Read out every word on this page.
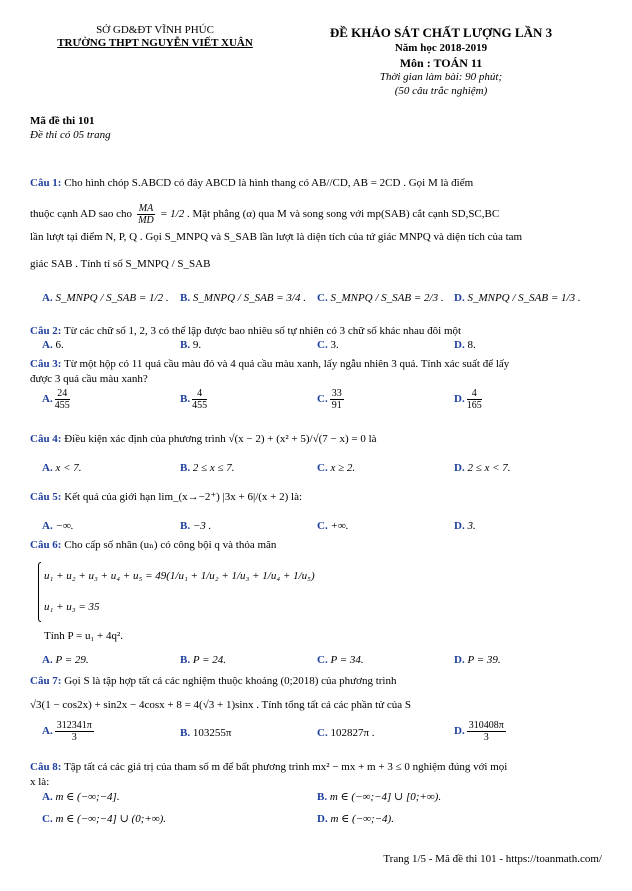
SỞ GD&ĐT VĨNH PHÚC
TRƯỜNG THPT NGUYỄN VIẾT XUÂN
ĐỀ KHẢO SÁT CHẤT LƯỢNG LẦN 3
Năm học 2018-2019
Môn : TOÁN 11
Thời gian làm bài: 90 phút;
(50 câu trắc nghiệm)
Mã đề thi 101
Đề thi có 05 trang
Câu 1: Cho hình chóp S.ABCD có đáy ABCD là hình thang có AB//CD, AB = 2CD . Gọi M là điểm
thuộc cạnh AD sao cho $\frac{MA}{MD} = 1/2$ . Mặt phẳng (α) qua M và song song với mp(SAB) cắt cạnh SD,SC,BC
lần lượt tại điểm N, P, Q . Gọi S_MNPQ và S_SAB lần lượt là diện tích của tứ giác MNPQ và diện tích của tam
giác SAB . Tính tỉ số S_MNPQ / S_SAB
A. S_MNPQ / S_SAB = 1/2 . B. S_MNPQ / S_SAB = 3/4 . C. S_MNPQ / S_SAB = 2/3 . D. S_MNPQ / S_SAB = 1/3 .
Câu 2: Từ các chữ số 1, 2, 3 có thể lập được bao nhiêu số tự nhiên có 3 chữ số khác nhau đôi một
A. 6.	B. 9.	C. 3.	D. 8.
Câu 3: Từ một hộp có 11 quả cầu màu đỏ và 4 quả cầu màu xanh, lấy ngẫu nhiên 3 quả. Tính xác suất để lấy
được 3 quả cầu màu xanh?
A. $\frac{24}{455}$	B. $\frac{4}{455}$	C. $\frac{33}{91}$	D. $\frac{4}{165}$
Câu 4: Điều kiện xác định của phương trình √(x − 2) + (x² + 5)/√(7 − x) = 0 là
A. x < 7.	B. 2 ≤ x ≤ 7.	C. x ≥ 2.	D. 2 ≤ x < 7.
Câu 5: Kết quả của giới hạn lim_(x→−2⁺) |3x + 6|/(x + 2) là:
A. −∞.	B. −3 .	C. +∞.	D. 3.
Câu 6: Cho cấp số nhân (uₙ) có công bội q và thỏa mãn
u₁ + u₂ + u₃ + u₄ + u₅ = 49(1/u₁ + 1/u₂ + 1/u₃ + 1/u₄ + 1/u₅)
u₁ + u₃ = 35
Tính P = u₁ + 4q².
A. P = 29.	B. P = 24.	C. P = 34.	D. P = 39.
Câu 7: Gọi S là tập hợp tất cả các nghiệm thuộc khoảng (0;2018) của phương trình
√3(1 − cos2x) + sin2x − 4cosx + 8 = 4(√3 + 1)sinx . Tính tổng tất cả các phần tử của S
A. $\frac{312341\pi}{3}$	B. 103255π	C. 102827π .	D. $\frac{310408\pi}{3}$
Câu 8: Tập tất cả các giá trị của tham số m để bất phương trình mx² − mx + m + 3 ≤ 0 nghiệm đúng với mọi
x là:
A. m ∈ (−∞;−4].	B. m ∈ (−∞;−4] ∪ [0;+∞).
C. m ∈ (−∞;−4] ∪ (0;+∞).	D. m ∈ (−∞;−4).
Trang 1/5 - Mã đề thi 101 - https://toanmath.com/
